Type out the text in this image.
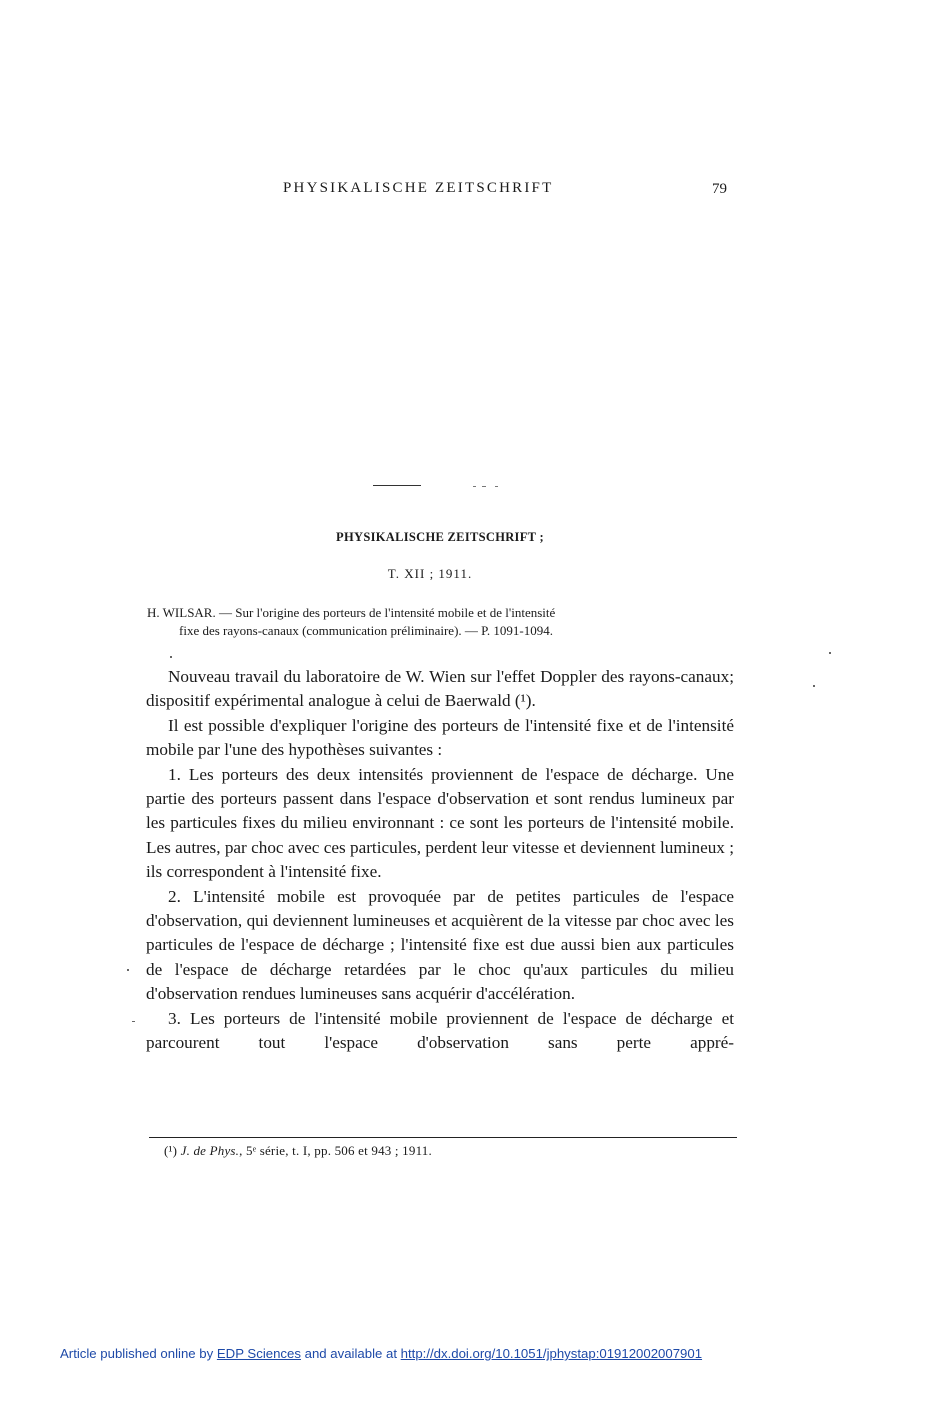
PHYSIKALISCHE ZEITSCHRIFT	79
PHYSIKALISCHE ZEITSCHRIFT ;
T. XII ; 1911.
H. WILSAR. — Sur l'origine des porteurs de l'intensité mobile et de l'intensité
fixe des rayons-canaux (communication préliminaire). — P. 1091-1094.

Nouveau travail du laboratoire de W. Wien sur l'effet Doppler des rayons-canaux; dispositif expérimental analogue à celui de Baerwald (¹).

Il est possible d'expliquer l'origine des porteurs de l'intensité fixe et de l'intensité mobile par l'une des hypothèses suivantes :

1. Les porteurs des deux intensités proviennent de l'espace de décharge. Une partie des porteurs passent dans l'espace d'observation et sont rendus lumineux par les particules fixes du milieu environnant : ce sont les porteurs de l'intensité mobile. Les autres, par choc avec ces particules, perdent leur vitesse et deviennent lumineux ; ils correspondent à l'intensité fixe.

2. L'intensité mobile est provoquée par de petites particules de l'espace d'observation, qui deviennent lumineuses et acquièrent de la vitesse par choc avec les particules de l'espace de décharge ; l'intensité fixe est due aussi bien aux particules de l'espace de décharge retardées par le choc qu'aux particules du milieu d'observation rendues lumineuses sans acquérir d'accélération.

3. Les porteurs de l'intensité mobile proviennent de l'espace de décharge et parcourent tout l'espace d'observation sans perte appré-

(¹) J. de Phys., 5ᵉ série, t. I, pp. 506 et 943 ; 1911.
Article published online by EDP Sciences and available at http://dx.doi.org/10.1051/jphystap:01912002007901
